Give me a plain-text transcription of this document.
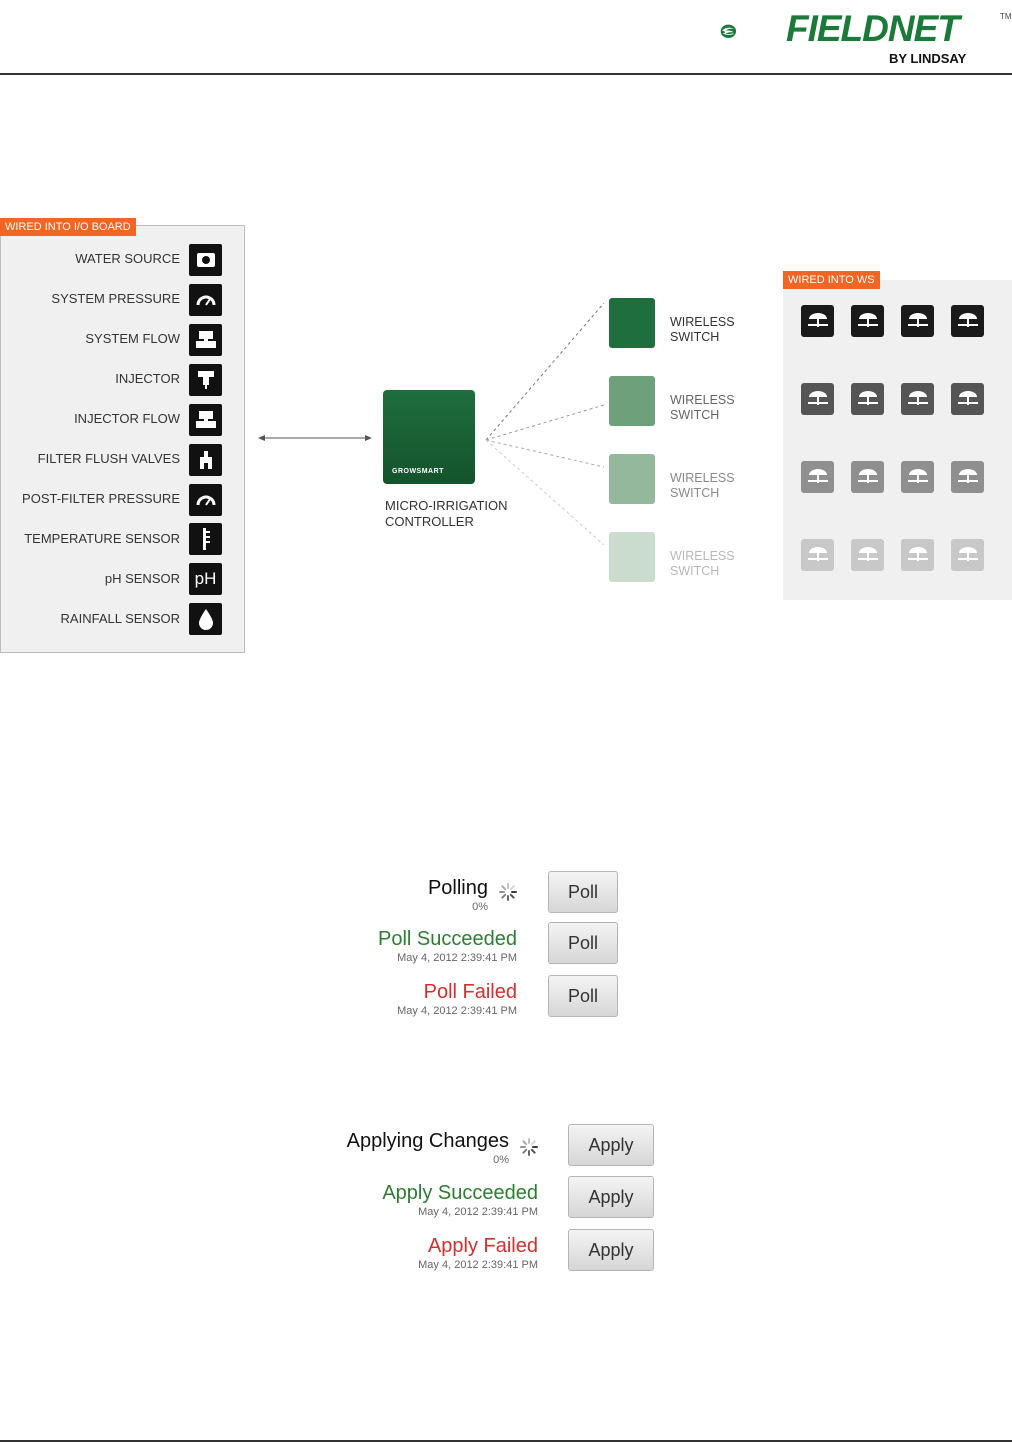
FIELDNET	TM
BY LINDSAY
WIRED INTO I/O BOARD
WATER SOURCE
SYSTEM PRESSURE
SYSTEM FLOW
INJECTOR
INJECTOR FLOW
FILTER FLUSH VALVES
POST-FILTER PRESSURE
TEMPERATURE SENSOR
pH SENSOR pH
RAINFALL SENSOR
GROWSMART
MICRO-IRRIGATION
CONTROLLER
WIRELESS
SWITCH
WIRELESS
SWITCH
WIRELESS
SWITCH
WIRELESS
SWITCH
WIRED INTO WS
Polling
0%
Poll
Poll Succeeded
May 4, 2012 2:39:41 PM
Poll
Poll Failed
May 4, 2012 2:39:41 PM
Poll
Applying Changes
0%
Apply
Apply Succeeded
May 4, 2012 2:39:41 PM
Apply
Apply Failed
May 4, 2012 2:39:41 PM
Apply
